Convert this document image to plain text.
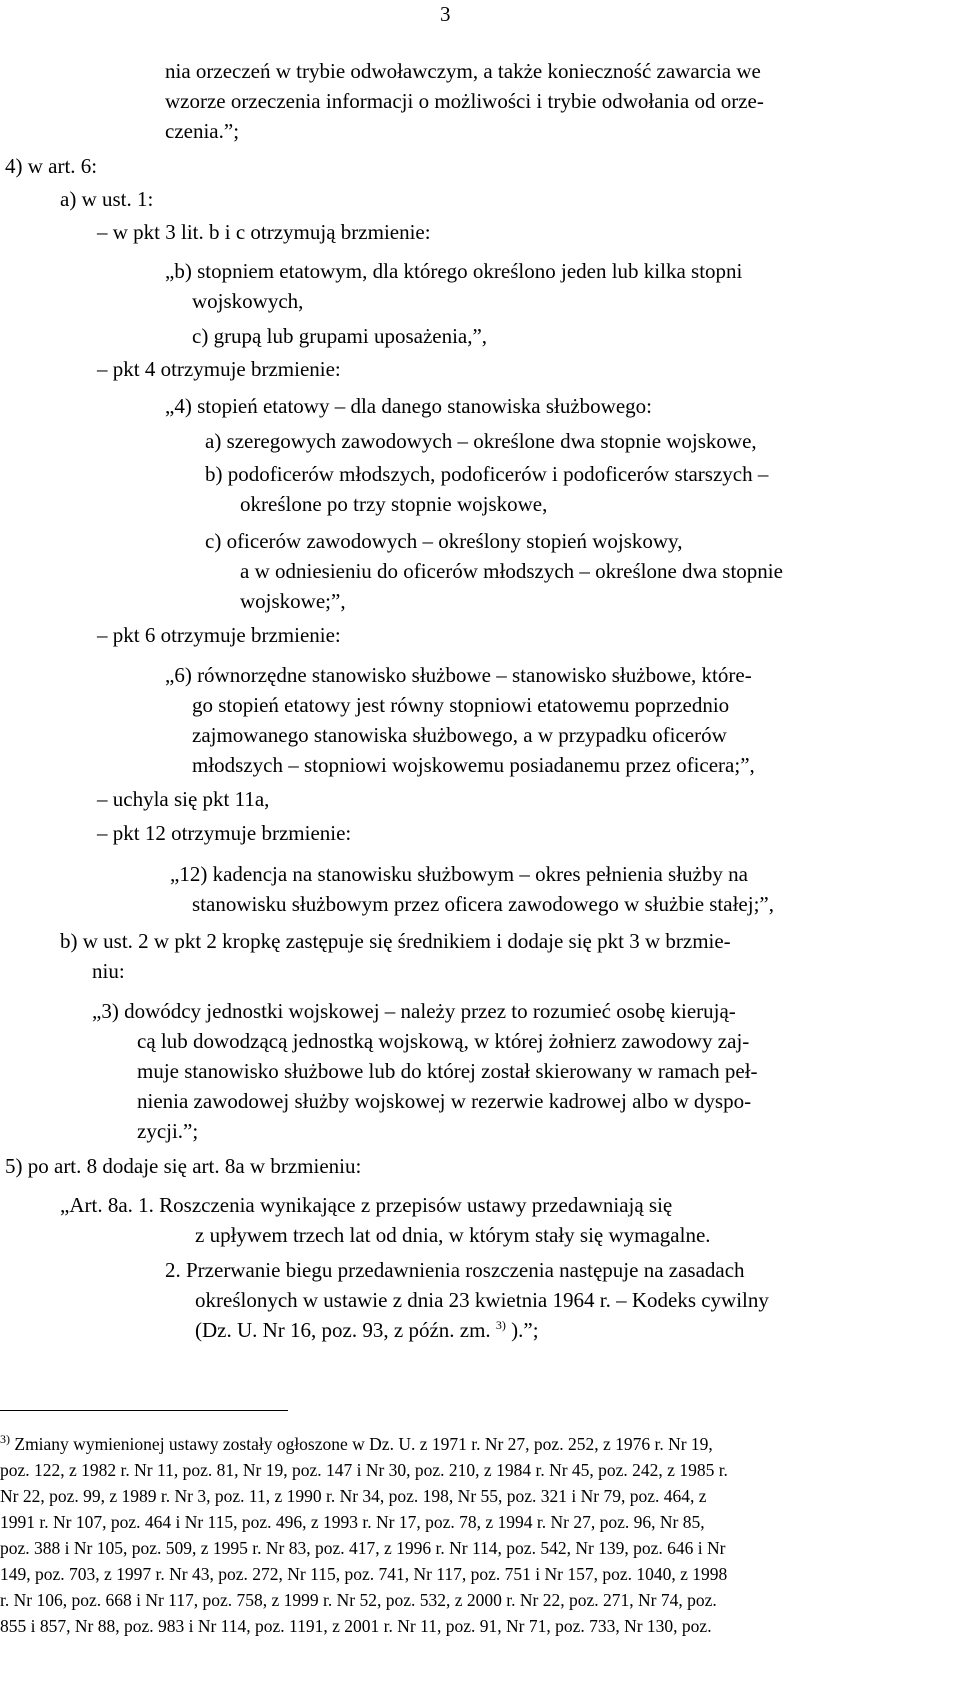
3
nia orzeczeń w trybie odwoławczym, a także konieczność zawarcia we
wzorze orzeczenia informacji o możliwości i trybie odwołania od orze-
czenia.”;
4) w art. 6:
a) w ust. 1:
– w pkt 3 lit. b i c otrzymują brzmienie:
„b) stopniem etatowym, dla którego określono jeden lub kilka stopni
wojskowych,
c) grupą lub grupami uposażenia,”,
– pkt 4 otrzymuje brzmienie:
„4) stopień etatowy – dla danego stanowiska służbowego:
a) szeregowych zawodowych – określone dwa stopnie wojskowe,
b) podoficerów młodszych, podoficerów i podoficerów starszych –
określone po trzy stopnie wojskowe,
c) oficerów zawodowych – określony stopień wojskowy,
a w odniesieniu do oficerów młodszych – określone dwa stopnie
wojskowe;”,
– pkt 6 otrzymuje brzmienie:
„6) równorzędne stanowisko służbowe – stanowisko służbowe, które-
go stopień etatowy jest równy stopniowi etatowemu poprzednio
zajmowanego stanowiska służbowego, a w przypadku oficerów
młodszych – stopniowi wojskowemu posiadanemu przez oficera;”,
– uchyla się pkt 11a,
– pkt 12 otrzymuje brzmienie:
„12) kadencja na stanowisku służbowym – okres pełnienia służby na
stanowisku służbowym przez oficera zawodowego w służbie stałej;”,
b) w ust. 2 w pkt 2 kropkę zastępuje się średnikiem i dodaje się pkt 3 w brzmie-
niu:
„3) dowódcy jednostki wojskowej – należy przez to rozumieć osobę kierują-
cą lub dowodzącą jednostką wojskową, w której żołnierz zawodowy zaj-
muje stanowisko służbowe lub do której został skierowany w ramach peł-
nienia zawodowej służby wojskowej w rezerwie kadrowej albo w dyspo-
zycji.”;
5) po art. 8 dodaje się art. 8a w brzmieniu:
„Art. 8a. 1. Roszczenia wynikające z przepisów ustawy przedawniają się
z upływem trzech lat od dnia, w którym stały się wymagalne.
2. Przerwanie biegu przedawnienia roszczenia następuje na zasadach
określonych w ustawie z dnia 23 kwietnia 1964 r. – Kodeks cywilny
(Dz. U. Nr 16, poz. 93, z późn. zm. $^{3)}$ ).”;
$^{3)}$ Zmiany wymienionej ustawy zostały ogłoszone w Dz. U. z 1971 r. Nr 27, poz. 252, z 1976 r. Nr 19,
poz. 122, z 1982 r. Nr 11, poz. 81, Nr 19, poz. 147 i Nr 30, poz. 210, z 1984 r. Nr 45, poz. 242, z 1985 r.
Nr 22, poz. 99, z 1989 r. Nr 3, poz. 11, z 1990 r. Nr 34, poz. 198, Nr 55, poz. 321 i Nr 79, poz. 464, z
1991 r. Nr 107, poz. 464 i Nr 115, poz. 496, z 1993 r. Nr 17, poz. 78, z 1994 r. Nr 27, poz. 96, Nr 85,
poz. 388 i Nr 105, poz. 509, z 1995 r. Nr 83, poz. 417, z 1996 r. Nr 114, poz. 542, Nr 139, poz. 646 i Nr
149, poz. 703, z 1997 r. Nr 43, poz. 272, Nr 115, poz. 741, Nr 117, poz. 751 i Nr 157, poz. 1040, z 1998
r. Nr 106, poz. 668 i Nr 117, poz. 758, z 1999 r. Nr 52, poz. 532, z 2000 r. Nr 22, poz. 271, Nr 74, poz.
855 i 857, Nr 88, poz. 983 i Nr 114, poz. 1191, z 2001 r. Nr 11, poz. 91, Nr 71, poz. 733, Nr 130, poz.
